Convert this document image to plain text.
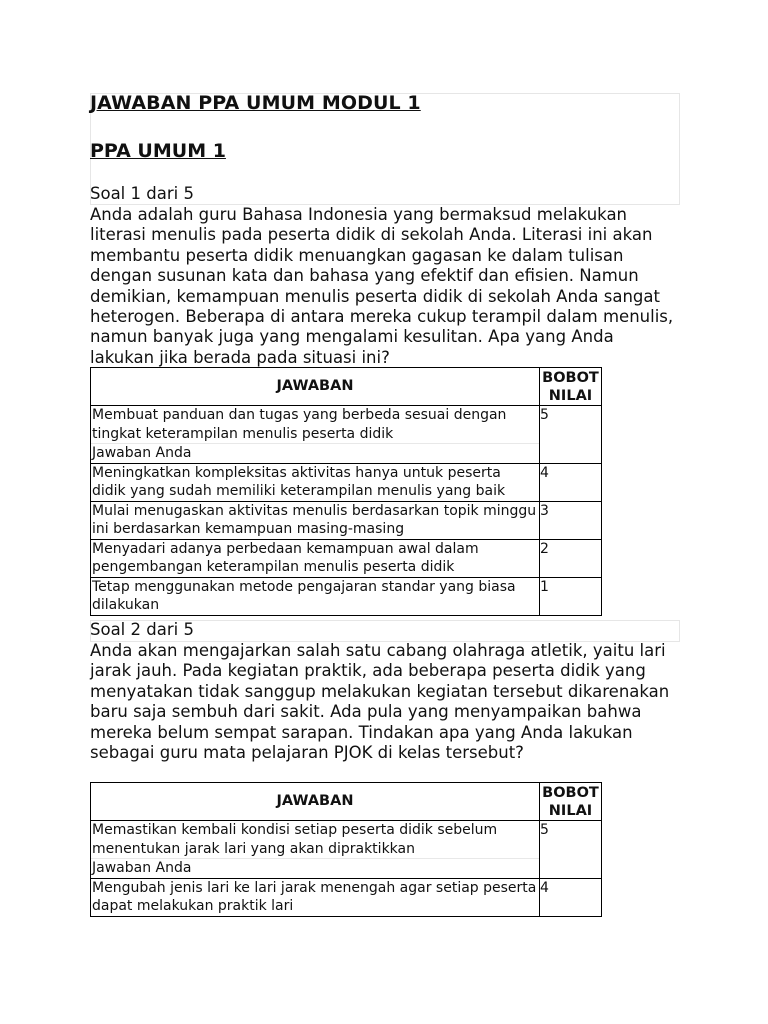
JAWABAN PPA UMUM MODUL 1
PPA UMUM 1
Soal 1 dari 5

Anda adalah guru Bahasa Indonesia yang bermaksud melakukan literasi menulis pada peserta didik di sekolah Anda. Literasi ini akan membantu peserta didik menuangkan gagasan ke dalam tulisan dengan susunan kata dan bahasa yang efektif dan efisien. Namun demikian, kemampuan menulis peserta didik di sekolah Anda sangat heterogen. Beberapa di antara mereka cukup terampil dalam menulis, namun banyak juga yang mengalami kesulitan. Apa yang Anda lakukan jika berada pada situasi ini?

JAWABAN	BOBOT NILAI

Membuat panduan dan tugas yang berbeda sesuai dengan tingkat keterampilan menulis peserta didik
Jawaban Anda	5

Meningkatkan kompleksitas aktivitas hanya untuk peserta didik yang sudah memiliki keterampilan menulis yang baik	4

Mulai menugaskan aktivitas menulis berdasarkan topik minggu ini berdasarkan kemampuan masing-masing	3

Menyadari adanya perbedaan kemampuan awal dalam pengembangan keterampilan menulis peserta didik	2

Tetap menggunakan metode pengajaran standar yang biasa dilakukan	1
Soal 2 dari 5

Anda akan mengajarkan salah satu cabang olahraga atletik, yaitu lari jarak jauh. Pada kegiatan praktik, ada beberapa peserta didik yang menyatakan tidak sanggup melakukan kegiatan tersebut dikarenakan baru saja sembuh dari sakit. Ada pula yang menyampaikan bahwa mereka belum sempat sarapan. Tindakan apa yang Anda lakukan sebagai guru mata pelajaran PJOK di kelas tersebut?

JAWABAN	BOBOT NILAI

Memastikan kembali kondisi setiap peserta didik sebelum menentukan jarak lari yang akan dipraktikkan
Jawaban Anda	5

Mengubah jenis lari ke lari jarak menengah agar setiap peserta dapat melakukan praktik lari	4
